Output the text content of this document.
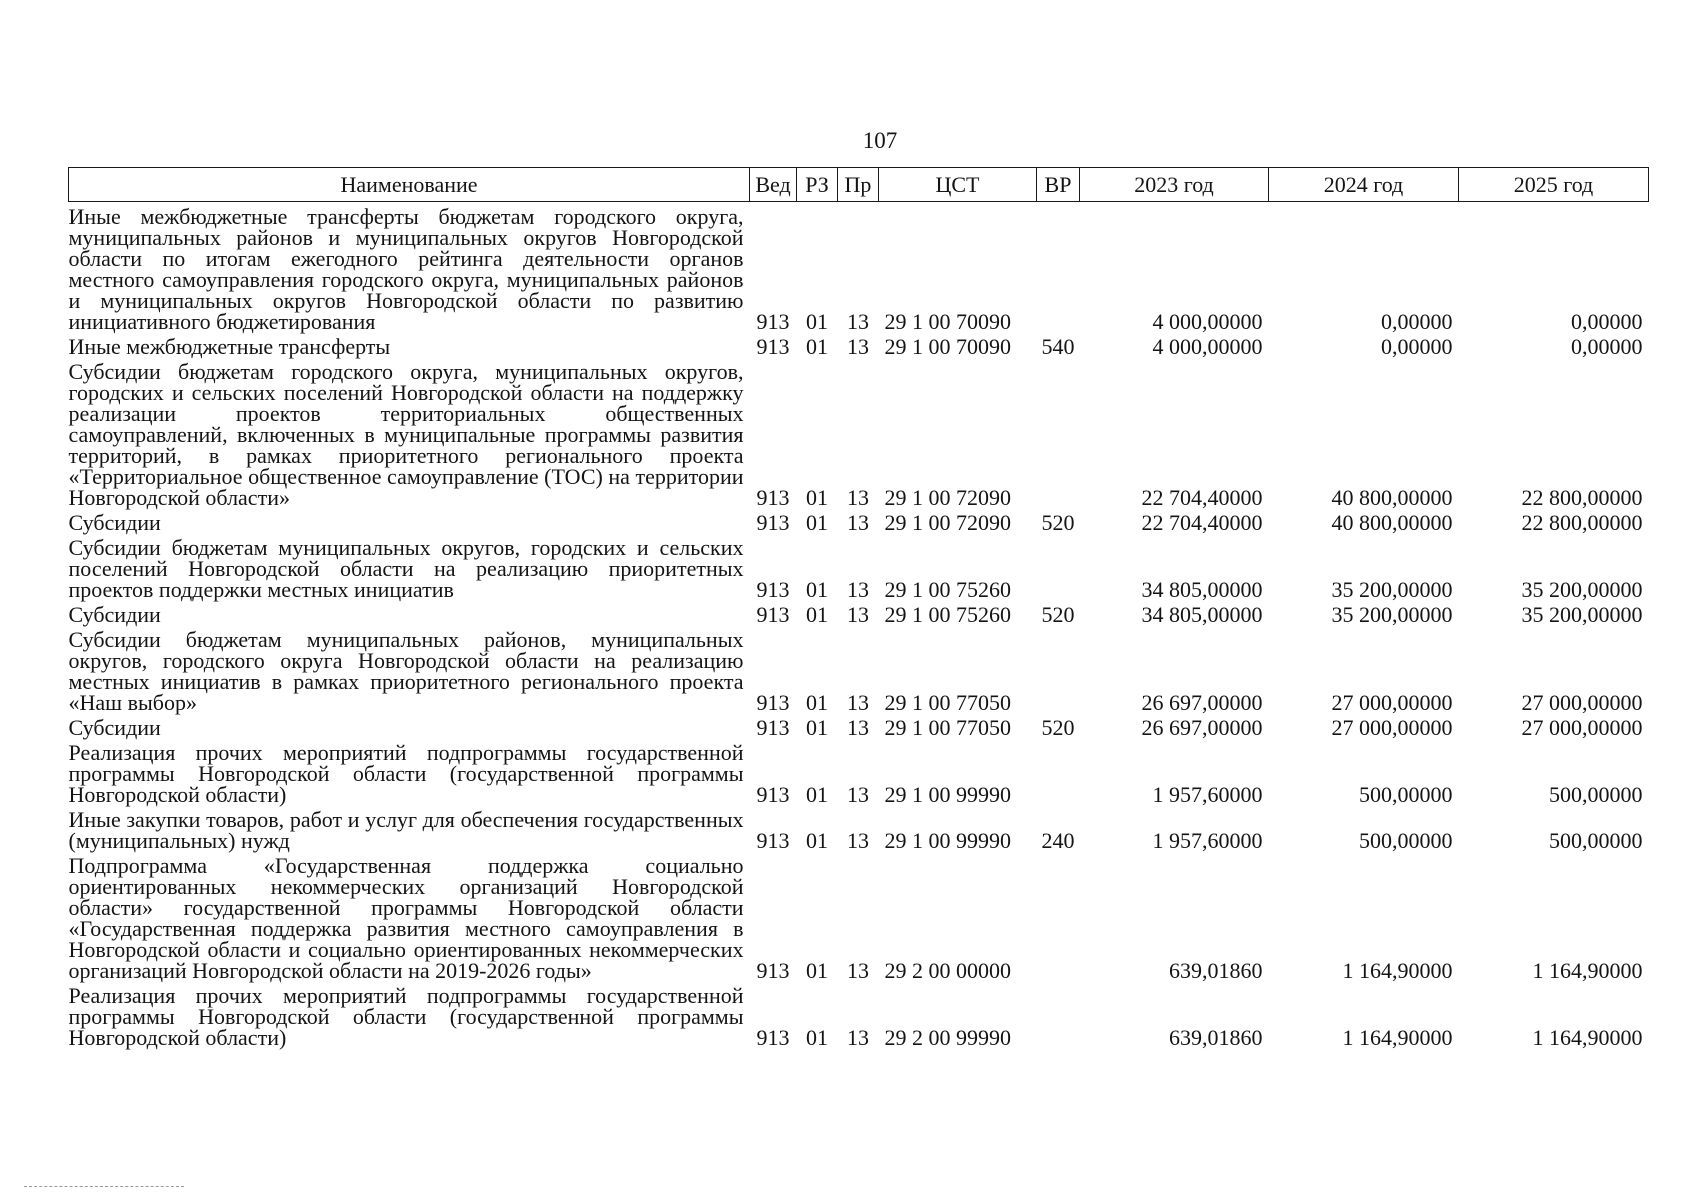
107
Наименование	Вед	РЗ	Пр	ЦСТ	ВР	2023 год	2024 год	2025 год
Иные межбюджетные трансферты бюджетам городского округа, муниципальных районов и муниципальных округов Новгородской области по итогам ежегодного рейтинга деятельности органов местного самоуправления городского округа, муниципальных районов и муниципальных округов Новгородской области по развитию инициативного бюджетирования	913	01	13	29 1 00 70090		4 000,00000	0,00000	0,00000
Иные межбюджетные трансферты	913	01	13	29 1 00 70090	540	4 000,00000	0,00000	0,00000
Субсидии бюджетам городского округа, муниципальных округов, городских и сельских поселений Новгородской области на поддержку реализации проектов территориальных общественных самоуправлений, включенных в муниципальные программы развития территорий, в рамках приоритетного регионального проекта «Территориальное общественное самоуправление (ТОС) на территории Новгородской области»	913	01	13	29 1 00 72090		22 704,40000	40 800,00000	22 800,00000
Субсидии	913	01	13	29 1 00 72090	520	22 704,40000	40 800,00000	22 800,00000
Субсидии бюджетам муниципальных округов, городских и сельских поселений Новгородской области на реализацию приоритетных проектов поддержки местных инициатив	913	01	13	29 1 00 75260		34 805,00000	35 200,00000	35 200,00000
Субсидии	913	01	13	29 1 00 75260	520	34 805,00000	35 200,00000	35 200,00000
Субсидии бюджетам муниципальных районов, муниципальных округов, городского округа Новгородской области на реализацию местных инициатив в рамках приоритетного регионального проекта «Наш выбор»	913	01	13	29 1 00 77050		26 697,00000	27 000,00000	27 000,00000
Субсидии	913	01	13	29 1 00 77050	520	26 697,00000	27 000,00000	27 000,00000
Реализация прочих мероприятий подпрограммы государственной программы Новгородской области (государственной программы Новгородской области)	913	01	13	29 1 00 99990		1 957,60000	500,00000	500,00000
Иные закупки товаров, работ и услуг для обеспечения государственных (муниципальных) нужд	913	01	13	29 1 00 99990	240	1 957,60000	500,00000	500,00000
Подпрограмма «Государственная поддержка социально ориентированных некоммерческих организаций Новгородской области» государственной программы Новгородской области «Государственная поддержка развития местного самоуправления в Новгородской области и социально ориентированных некоммерческих организаций Новгородской области на 2019-2026 годы»	913	01	13	29 2 00 00000		639,01860	1 164,90000	1 164,90000
Реализация прочих мероприятий подпрограммы государственной программы Новгородской области (государственной программы Новгородской области)	913	01	13	29 2 00 99990		639,01860	1 164,90000	1 164,90000
